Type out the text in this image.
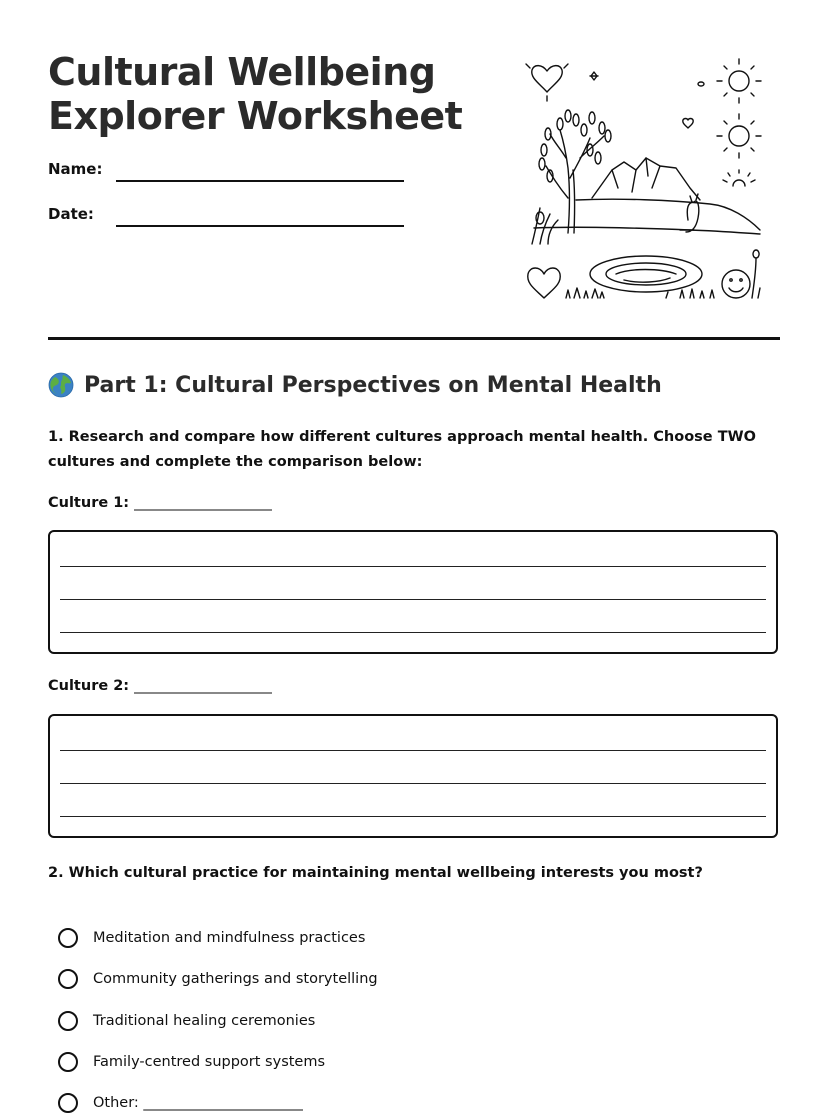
Cultural Wellbeing
Explorer Worksheet
Name:
Date:
Part 1: Cultural Perspectives on Mental Health

1. Research and compare how different cultures approach mental health. Choose TWO cultures and complete the comparison below:

Culture 1: ___________________
Culture 2: ___________________

2. Which cultural practice for maintaining mental wellbeing interests you most?

Meditation and mindfulness practices
Community gatherings and storytelling
Traditional healing ceremonies
Family-centred support systems
Other: ______________________
